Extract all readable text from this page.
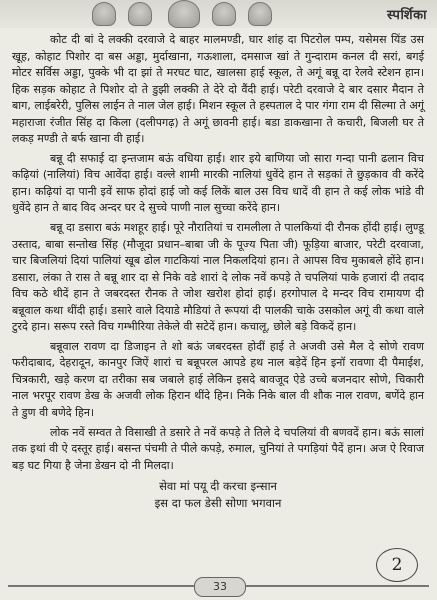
स्पर्शिका

कोट दी बां दे लक्की दरवाजे दे बाहर मालमण्डी, घार शांह दा पिटरोल पम्प, यसेमस यिंड उस खूह, कोहाट पिशोर दा बस अड्डा, मुर्दाखाना, गऊशाला, दमसाज खां ते गुन्दाराम कनल दी सरां, बगई मोटर सर्विस अड्डा, पुक्के भी दा झां ते मरघट घाट, खालसा हाई स्कूल, ते अगूं बन्नू दा रेलवे स्टेशन हान। हिक सड़क कोहाट ते पिशोर दो ते डुझी लक्की ते देरे दो वैंदी हाई। परेटी दरवाजे दे बार दसार मैदान ते बाग, लाईबरेरी, पुलिस लाईन ते नाल जेल हाई। मिशन स्कूल ते हस्पताल दे पार गंगा राम दी सिल्मा ते अगूं महाराजा रंजीत सिंह दा किला (दलीपगढ़) ते अगूं छावनी हाई। बडा डाकखाना ते कचारी, बिजली घर ते लकड़ मण्डी ते बर्फ खाना वी हाई।

बन्नू दी सफाई दा इन्तजाम बऊं वधिया हाई। शार इये बाणिया जो सारा गन्दा पानी ढलान विच कढ़ियां (नालियां) विच आवेंदा हाई। वल्ले शामी मारकी नालियां धुवेंदे हान ते सड़कां ते छुड़काव वी करेंदे हान। कढ़ियां दा पानी इवें साफ होदां हाई जो कई लिकें बाल उस विच धादें वी हान ते कई लोक भांडे वी धुवेंदे हान ते बाद विद अन्दर घर दे सुच्चे पाणी नाल सुच्चा करेंदे हान।

बन्नू दा डसारा बऊं मशहूर हाई। पूरे नौरातियां च रामलीला ते पालकियां दी रौनक होंदी हाई। लुण्डू उस्ताद, बाबा सन्तोख सिंह (मौजूदा प्रधान–बाबा जी के पूज्य पिता जी) फूड़िया बाजार, परेटी दरवाजा, चार बिजलियां दियां पालियां खूब ढोल गाटकियां नाल निकलदियां हान। ते आपस विच मुकाबले होंदे हान। डसारा, लंका ते रास ते बन्नू शार दा से निके वडे शारां दे लोक नवें कपड़े ते चपलियां पाके हजारां दी तदाद विच कठे थीदें हान ते जबरदस्त रौनक ते जोश खरोश होदां हाई। हरगोपाल दे मन्दर विच रामायण दी बन्नूवाल कथा थींदी हाई। डसारे वाले दियाडे मौडियां ते रूपयां दी पालकी चाके उसकोल अगूं वी कथा वाले टुरदे हान। सरूप रस्ते विच गम्भीरिया तेकेले वी सटेदें हान। कचालू, छोले बड़े विकदें हान।

बन्नूवाल रावण दा डिजाइन ते शो बऊं जबरदस्त होदीं हाई ते अजवी उसे मैल दे सोणे रावण फरीदाबाद, देहरादून, कानपुर जिऐं शारां च बन्नूपरल आपडे हथ नाल बड़ेदें हिन इनॉ रावणा दी पैमाईश, चित्रकारी, खड़े करण दा तरीका सब जबाले हाई लेकिन इसदे बावजूद ऐडे उच्चे बजनदार सोणे, चिकारी नाल भरपूर रावण डेख के अजवी लोक हिरान थींदे हिन। निके निके बाल वी शौक नाल रावण, बणेंदे हान ते डुण वी बणेदे हिन।

लोक नवें सम्वत ते विसाखी ते डसारे ते नवें कपड़े ते तिले दे चपलियां वी बणवदें हान। बऊं सालां तक इथां वी ऐ दस्तूर हाई। बसन्त पंचमी ते पीले कपड़े, रुमाल, चुनियां ते पगड़ियां पैदें हान। अज ऐ रिवाज बड़ घट गिया है जेना डेखन दो नी मिलदा।

सेवा मां पयू दी करचा इन्सान
इस दा फल डेसी सोणा भगवान
33
2
